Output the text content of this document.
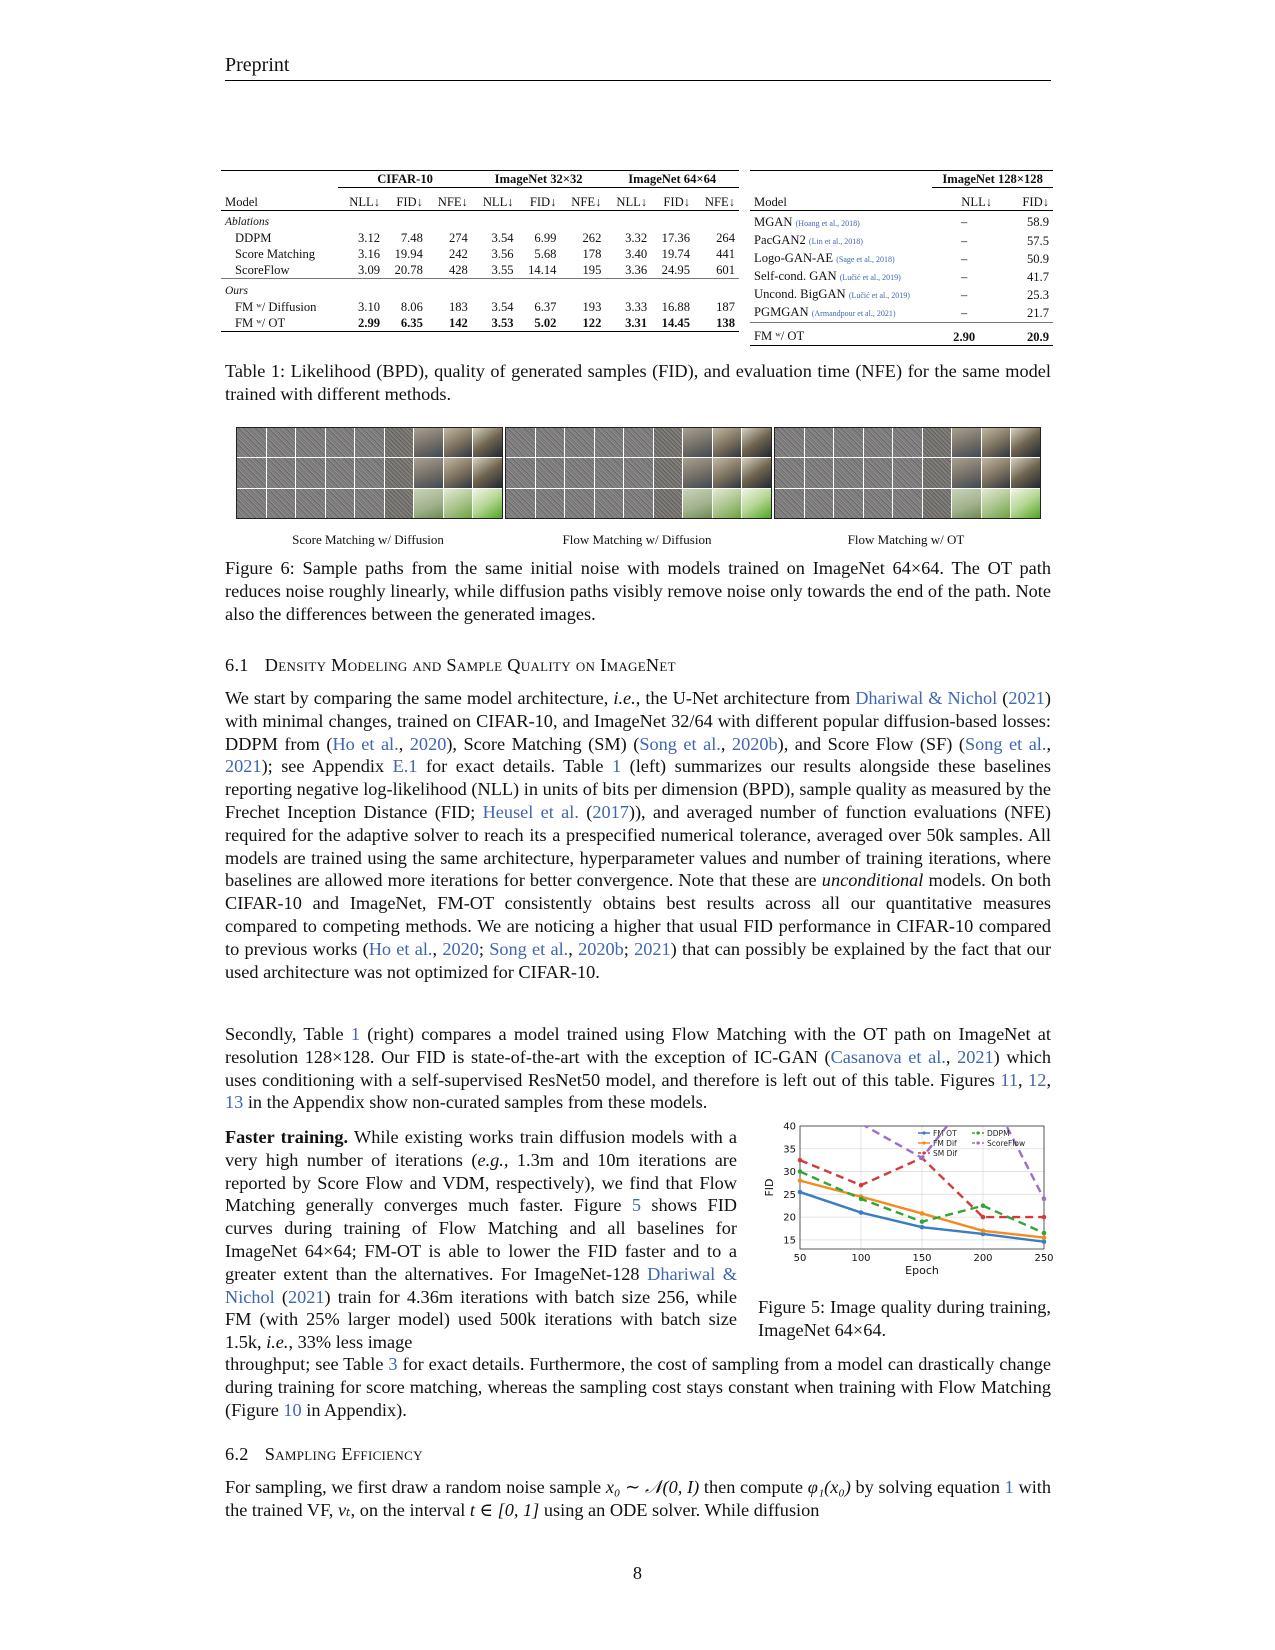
Preprint
	CIFAR-10			ImageNet 32×32			ImageNet 64×64		
Model	NLL↓	FID↓	NFE↓	NLL↓	FID↓	NFE↓	NLL↓	FID↓	NFE↓
Ablations									
DDPM	3.12	7.48	274	3.54	6.99	262	3.32	17.36	264
Score Matching	3.16	19.94	242	3.56	5.68	178	3.40	19.74	441
ScoreFlow	3.09	20.78	428	3.55	14.14	195	3.36	24.95	601
Ours									
FM ʷ/ Diffusion	3.10	8.06	183	3.54	6.37	193	3.33	16.88	187
FM ʷ/ OT	2.99	6.35	142	3.53	5.02	122	3.31	14.45	138
	ImageNet 128×128	
Model	NLL↓	FID↓
MGAN (Hoang et al., 2018)	–	58.9
PacGAN2 (Lin et al., 2018)	–	57.5
Logo-GAN-AE (Sage et al., 2018)	–	50.9
Self-cond. GAN (Lučić et al., 2019)	–	41.7
Uncond. BigGAN (Lučić et al., 2019)	–	25.3
PGMGAN (Armandpour et al., 2021)	–	21.7
FM ʷ/ OT	2.90	20.9
Table 1: Likelihood (BPD), quality of generated samples (FID), and evaluation time (NFE) for the same model trained with different methods.
Score Matching w/ Diffusion	Flow Matching w/ Diffusion	Flow Matching w/ OT
Figure 6: Sample paths from the same initial noise with models trained on ImageNet 64×64. The OT path reduces noise roughly linearly, while diffusion paths visibly remove noise only towards the end of the path. Note also the differences between the generated images.
6.1 Density Modeling and Sample Quality on ImageNet

We start by comparing the same model architecture, i.e., the U-Net architecture from Dhariwal & Nichol (2021) with minimal changes, trained on CIFAR-10, and ImageNet 32/64 with different popular diffusion-based losses: DDPM from (Ho et al., 2020), Score Matching (SM) (Song et al., 2020b), and Score Flow (SF) (Song et al., 2021); see Appendix E.1 for exact details. Table 1 (left) summarizes our results alongside these baselines reporting negative log-likelihood (NLL) in units of bits per dimension (BPD), sample quality as measured by the Frechet Inception Distance (FID; Heusel et al. (2017)), and averaged number of function evaluations (NFE) required for the adaptive solver to reach its a prespecified numerical tolerance, averaged over 50k samples. All models are trained using the same architecture, hyperparameter values and number of training iterations, where baselines are allowed more iterations for better convergence. Note that these are unconditional models. On both CIFAR-10 and ImageNet, FM-OT consistently obtains best results across all our quantitative measures compared to competing methods. We are noticing a higher that usual FID performance in CIFAR-10 compared to previous works (Ho et al., 2020; Song et al., 2020b; 2021) that can possibly be explained by the fact that our used architecture was not optimized for CIFAR-10.

Secondly, Table 1 (right) compares a model trained using Flow Matching with the OT path on ImageNet at resolution 128×128. Our FID is state-of-the-art with the exception of IC-GAN (Casanova et al., 2021) which uses conditioning with a self-supervised ResNet50 model, and therefore is left out of this table. Figures 11, 12, 13 in the Appendix show non-curated samples from these models.

Faster training. While existing works train diffusion models with a very high number of iterations (e.g., 1.3m and 10m iterations are reported by Score Flow and VDM, respectively), we find that Flow Matching generally converges much faster. Figure 5 shows FID curves during training of Flow Matching and all baselines for ImageNet 64×64; FM-OT is able to lower the FID faster and to a greater extent than the alternatives. For ImageNet-128 Dhariwal & Nichol (2021) train for 4.36m iterations with batch size 256, while FM (with 25% larger model) used 500k iterations with batch size 1.5k, i.e., 33% less image

throughput; see Table 3 for exact details. Furthermore, the cost of sampling from a model can drastically change during training for score matching, whereas the sampling cost stays constant when training with Flow Matching (Figure 10 in Appendix).

50	100	150	200	250
15
20
25
30
35
40
Epoch
FID
FM OT
FM Dif
SM Dif
DDPM
ScoreFlow
Figure 5: Image quality during training, ImageNet 64×64.
6.2 Sampling Efficiency

For sampling, we first draw a random noise sample x₀ ∼ 𝒩(0, I) then compute φ₁(x₀) by solving equation 1 with the trained VF, vₜ, on the interval t ∈ [0, 1] using an ODE solver. While diffusion

8
